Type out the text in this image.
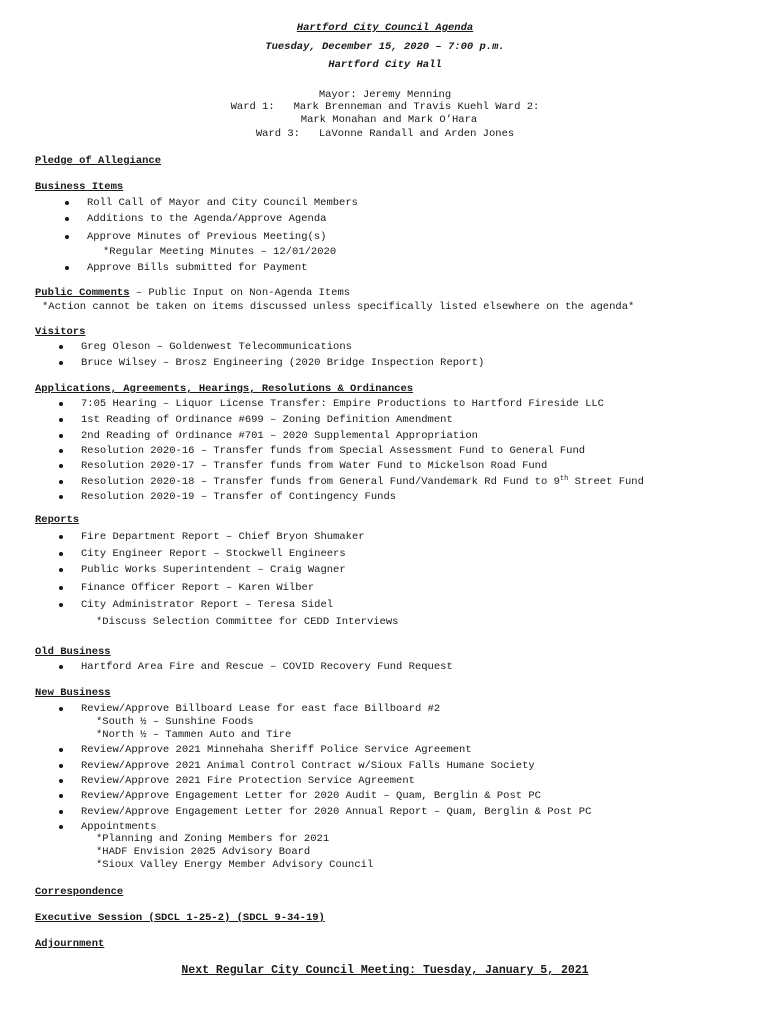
Hartford City Council Agenda
Tuesday, December 15, 2020 – 7:00 p.m.
Hartford City Hall
Mayor: Jeremy Menning
Ward 1:   Mark Brenneman and Travis Kuehl Ward 2:
Mark Monahan and Mark O’Hara
Ward 3:   LaVonne Randall and Arden Jones
Pledge of Allegiance
Business Items
Roll Call of Mayor and City Council Members
Additions to the Agenda/Approve Agenda
Approve Minutes of Previous Meeting(s)
*Regular Meeting Minutes – 12/01/2020
Approve Bills submitted for Payment
Public Comments – Public Input on Non-Agenda Items
*Action cannot be taken on items discussed unless specifically listed elsewhere on the agenda*
Visitors
Greg Oleson – Goldenwest Telecommunications
Bruce Wilsey – Brosz Engineering (2020 Bridge Inspection Report)
Applications, Agreements, Hearings, Resolutions & Ordinances
7:05 Hearing – Liquor License Transfer: Empire Productions to Hartford Fireside LLC
1st Reading of Ordinance #699 – Zoning Definition Amendment
2nd Reading of Ordinance #701 – 2020 Supplemental Appropriation
Resolution 2020-16 – Transfer funds from Special Assessment Fund to General Fund
Resolution 2020-17 – Transfer funds from Water Fund to Mickelson Road Fund
Resolution 2020-18 – Transfer funds from General Fund/Vandemark Rd Fund to 9th Street Fund
Resolution 2020-19 – Transfer of Contingency Funds
Reports
Fire Department Report – Chief Bryon Shumaker
City Engineer Report – Stockwell Engineers
Public Works Superintendent – Craig Wagner
Finance Officer Report – Karen Wilber
City Administrator Report – Teresa Sidel
*Discuss Selection Committee for CEDD Interviews
Old Business
Hartford Area Fire and Rescue – COVID Recovery Fund Request
New Business
Review/Approve Billboard Lease for east face Billboard #2
*South ½ – Sunshine Foods
*North ½ – Tammen Auto and Tire
Review/Approve 2021 Minnehaha Sheriff Police Service Agreement
Review/Approve 2021 Animal Control Contract w/Sioux Falls Humane Society
Review/Approve 2021 Fire Protection Service Agreement
Review/Approve Engagement Letter for 2020 Audit – Quam, Berglin & Post PC
Review/Approve Engagement Letter for 2020 Annual Report – Quam, Berglin & Post PC
Appointments
*Planning and Zoning Members for 2021
*HADF Envision 2025 Advisory Board
*Sioux Valley Energy Member Advisory Council
Correspondence
Executive Session (SDCL 1-25-2) (SDCL 9-34-19)
Adjournment
Next Regular City Council Meeting: Tuesday, January 5, 2021
